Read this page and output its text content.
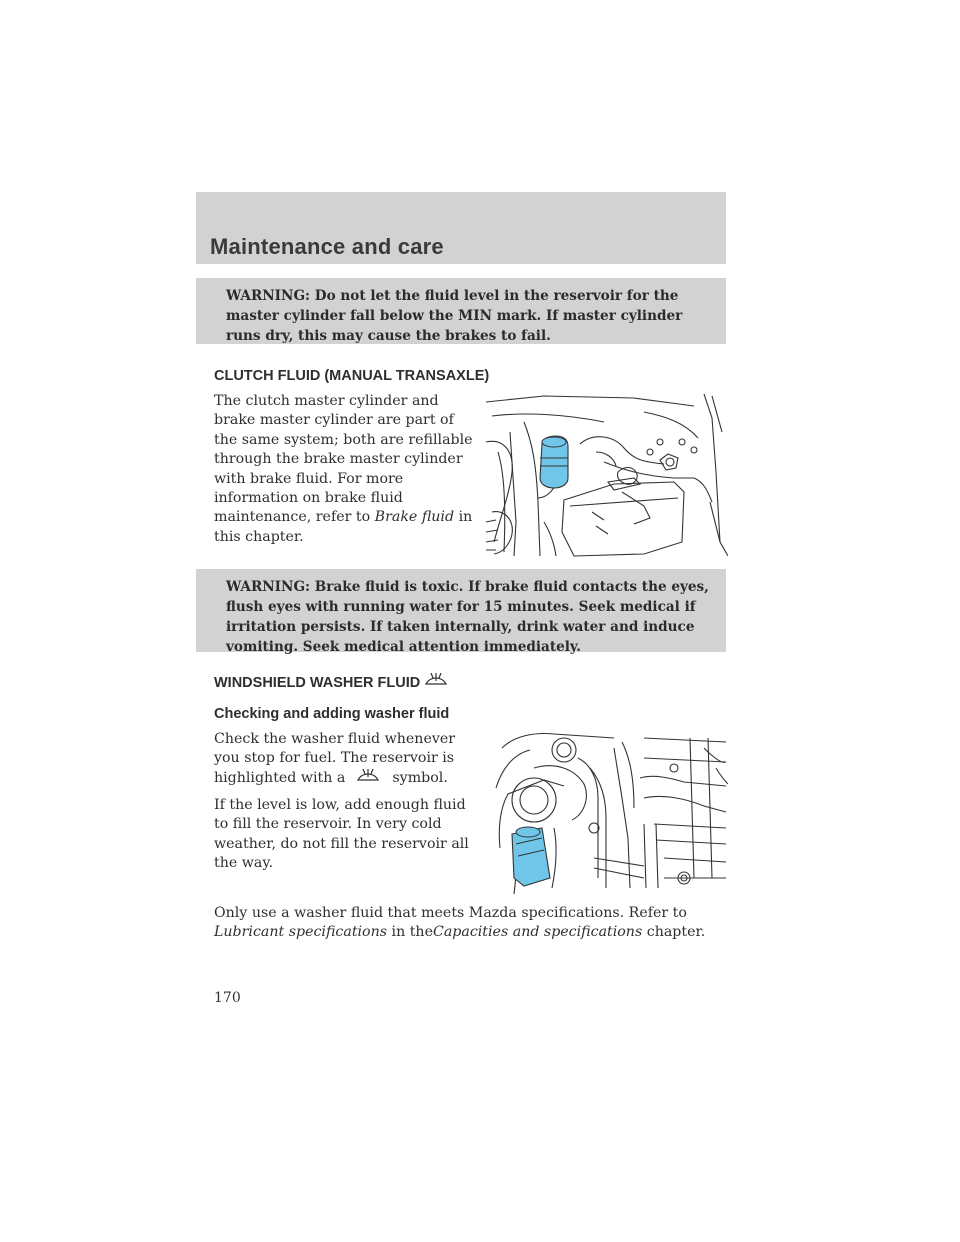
Maintenance and care
WARNING: Do not let the fluid level in the reservoir for the master cylinder fall below the MIN mark. If master cylinder runs dry, this may cause the brakes to fail.
CLUTCH FLUID (MANUAL TRANSAXLE)
The clutch master cylinder and brake master cylinder are part of the same system; both are refillable through the brake master cylinder with brake fluid. For more information on brake fluid maintenance, refer to Brake fluid in this chapter.
WARNING: Brake fluid is toxic. If brake fluid contacts the eyes, flush eyes with running water for 15 minutes. Seek medical if irritation persists. If taken internally, drink water and induce vomiting. Seek medical attention immediately.
WINDSHIELD WASHER FLUID
Checking and adding washer fluid
Check the washer fluid whenever you stop for fuel. The reservoir is highlighted with a	symbol.
If the level is low, add enough fluid to fill the reservoir. In very cold weather, do not fill the reservoir all the way.
Only use a washer fluid that meets Mazda specifications. Refer to Lubricant specifications in theCapacities and specifications chapter.
170
